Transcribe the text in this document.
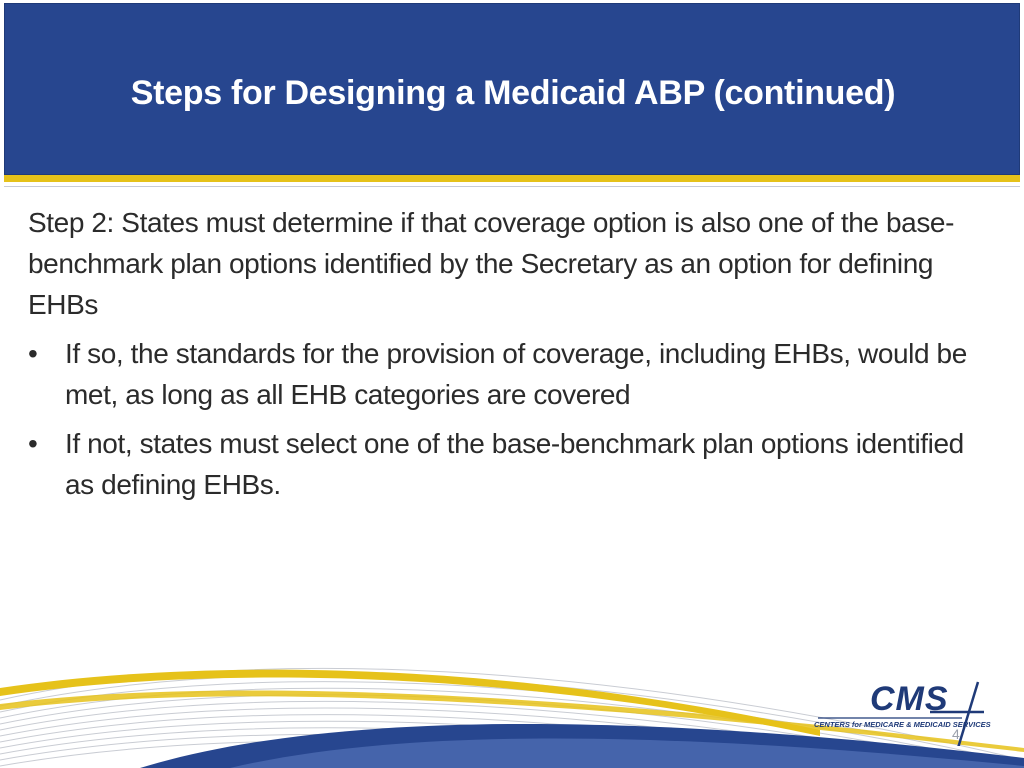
Steps for Designing a Medicaid ABP (continued)

Step 2: States must determine if that coverage option is also one of the base-benchmark plan options identified by the Secretary as an option for defining EHBs

• If so, the standards for the provision of coverage, including EHBs, would be met, as long as all EHB categories are covered
• If not, states must select one of the base-benchmark plan options identified as defining EHBs.
CMS
CENTERS for MEDICARE & MEDICAID SERVICES
4
